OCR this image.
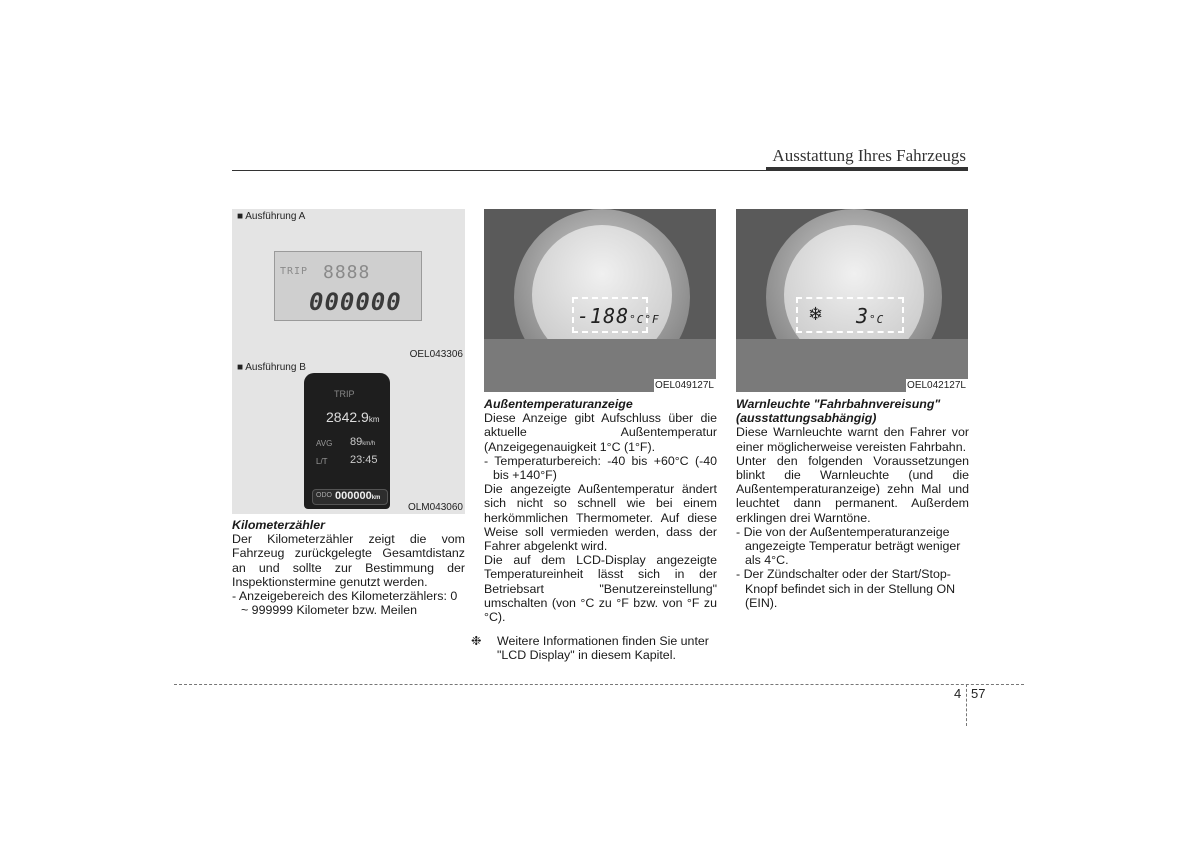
Ausstattung Ihres Fahrzeugs
■ Ausführung A
TRIP 8888
000000
OEL043306
■ Ausführung B
TRIP
2842.9km
AVG 89km/h
L/T 23:45
ODO 000000km
OLM043060
-188°C°F
OEL049127L
❄ 3°C
OEL042127L

Kilometerzähler

Der Kilometerzähler zeigt die vom Fahrzeug zurückgelegte Gesamtdistanz an und sollte zur Bestimmung der Inspektionstermine genutzt werden.

- Anzeigebereich des Kilometerzählers: 0 ~ 999999 Kilometer bzw. Meilen

Außentemperaturanzeige

Diese Anzeige gibt Aufschluss über die aktuelle Außentemperatur (Anzeigegenauigkeit 1°C (1°F).

- Temperaturbereich: -40 bis +60°C (-40 bis +140°F)

Die angezeigte Außentemperatur ändert sich nicht so schnell wie bei einem herkömmlichen Thermometer. Auf diese Weise soll vermieden werden, dass der Fahrer abgelenkt wird.

Die auf dem LCD-Display angezeigte Temperatureinheit lässt sich in der Betriebsart "Benutzereinstellung" umschalten (von °C zu °F bzw. von °F zu °C).

❉ Weitere Informationen finden Sie unter "LCD Display" in diesem Kapitel.

Warnleuchte "Fahrbahnvereisung" (ausstattungsabhängig)

Diese Warnleuchte warnt den Fahrer vor einer möglicherweise vereisten Fahrbahn.

Unter den folgenden Voraussetzungen blinkt die Warnleuchte (und die Außentemperaturanzeige) zehn Mal und leuchtet dann permanent. Außerdem erklingen drei Warntöne.

- Die von der Außentemperaturanzeige angezeigte Temperatur beträgt weniger als 4°C.

- Der Zündschalter oder der Start/Stop-Knopf befindet sich in der Stellung ON (EIN).

4 57
